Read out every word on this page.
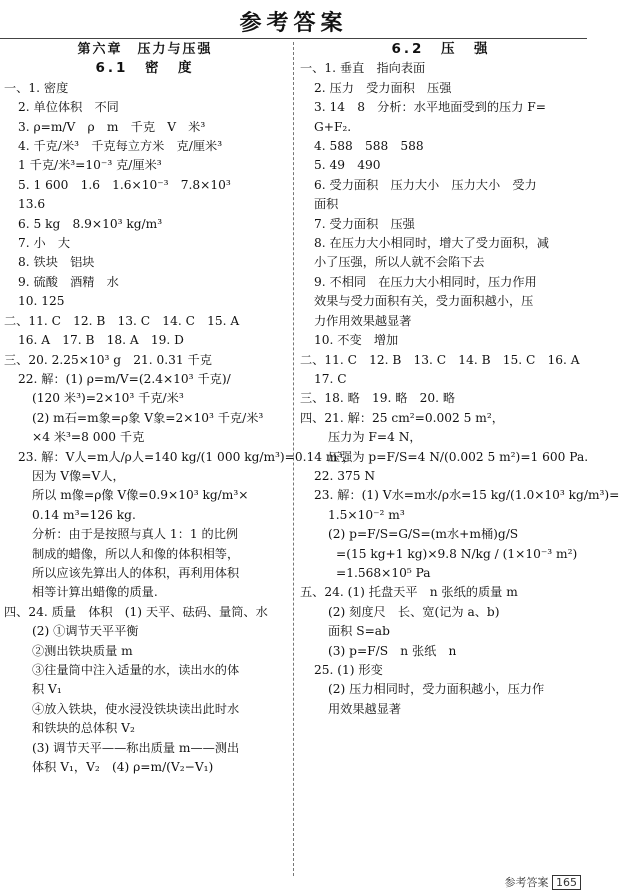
参考答案
第六章　压力与压强
6.1　密　度
一、1. 密度
2. 单位体积　不同
3. ρ=m/V　ρ　m　千克　V　米³
4. 千克/米³　千克每立方米　克/厘米³
1 千克/米³=10⁻³ 克/厘米³
5. 1 600　1.6　1.6×10⁻³　7.8×10³
13.6
6. 5 kg　8.9×10³ kg/m³
7. 小　大
8. 铁块　铝块
9. 硫酸　酒精　水
10. 125
二、11. C　12. B　13. C　14. C　15. A
16. A　17. B　18. A　19. D
三、20. 2.25×10³ g　21. 0.31 千克
22. 解：(1) ρ=m/V=(2.4×10³ 千克)/
(120 米³)=2×10³ 千克/米³
(2) m石=m象=ρ象 V象=2×10³ 千克/米³
×4 米³=8 000 千克
23. 解：V人=m人/ρ人=140 kg/(1 000 kg/m³)=0.14 m³，
因为 V像=V人，
所以 m像=ρ像 V像=0.9×10³ kg/m³×
0.14 m³=126 kg.
分析：由于是按照与真人 1：1 的比例
制成的蜡像，所以人和像的体积相等，
所以应该先算出人的体积，再利用体积
相等计算出蜡像的质量.
四、24. 质量　体积　(1) 天平、砝码、量筒、水
(2) ①调节天平平衡
②测出铁块质量 m
③往量筒中注入适量的水，读出水的体
积 V₁
④放入铁块，使水浸没铁块读出此时水
和铁块的总体积 V₂
(3) 调节天平——称出质量 m——测出
体积 V₁，V₂　(4) ρ=m/(V₂−V₁)
6.2　压　强
一、1. 垂直　指向表面
2. 压力　受力面积　压强
3. 14　8　分析：水平地面受到的压力 F=
G+F₂.
4. 588　588　588
5. 49　490
6. 受力面积　压力大小　压力大小　受力
面积
7. 受力面积　压强
8. 在压力大小相同时，增大了受力面积，减
小了压强，所以人就不会陷下去
9. 不相同　在压力大小相同时，压力作用
效果与受力面积有关，受力面积越小，压
力作用效果越显著
10. 不变　增加
二、11. C　12. B　13. C　14. B　15. C　16. A
17. C
三、18. 略　19. 略　20. 略
四、21. 解：25 cm²=0.002 5 m²，
压力为 F=4 N，
压强为 p=F/S=4 N/(0.002 5 m²)=1 600 Pa.
22. 375 N
23. 解：(1) V水=m水/ρ水=15 kg/(1.0×10³ kg/m³)=
1.5×10⁻² m³
(2) p=F/S=G/S=(m水+m桶)g/S
=(15 kg+1 kg)×9.8 N/kg / (1×10⁻³ m²)
=1.568×10⁵ Pa
五、24. (1) 托盘天平　n 张纸的质量 m
(2) 刻度尺　长、宽(记为 a、b)
面积 S=ab
(3) p=F/S　n 张纸　n
25. (1) 形变
(2) 压力相同时，受力面积越小，压力作
用效果越显著
参考答案 165
